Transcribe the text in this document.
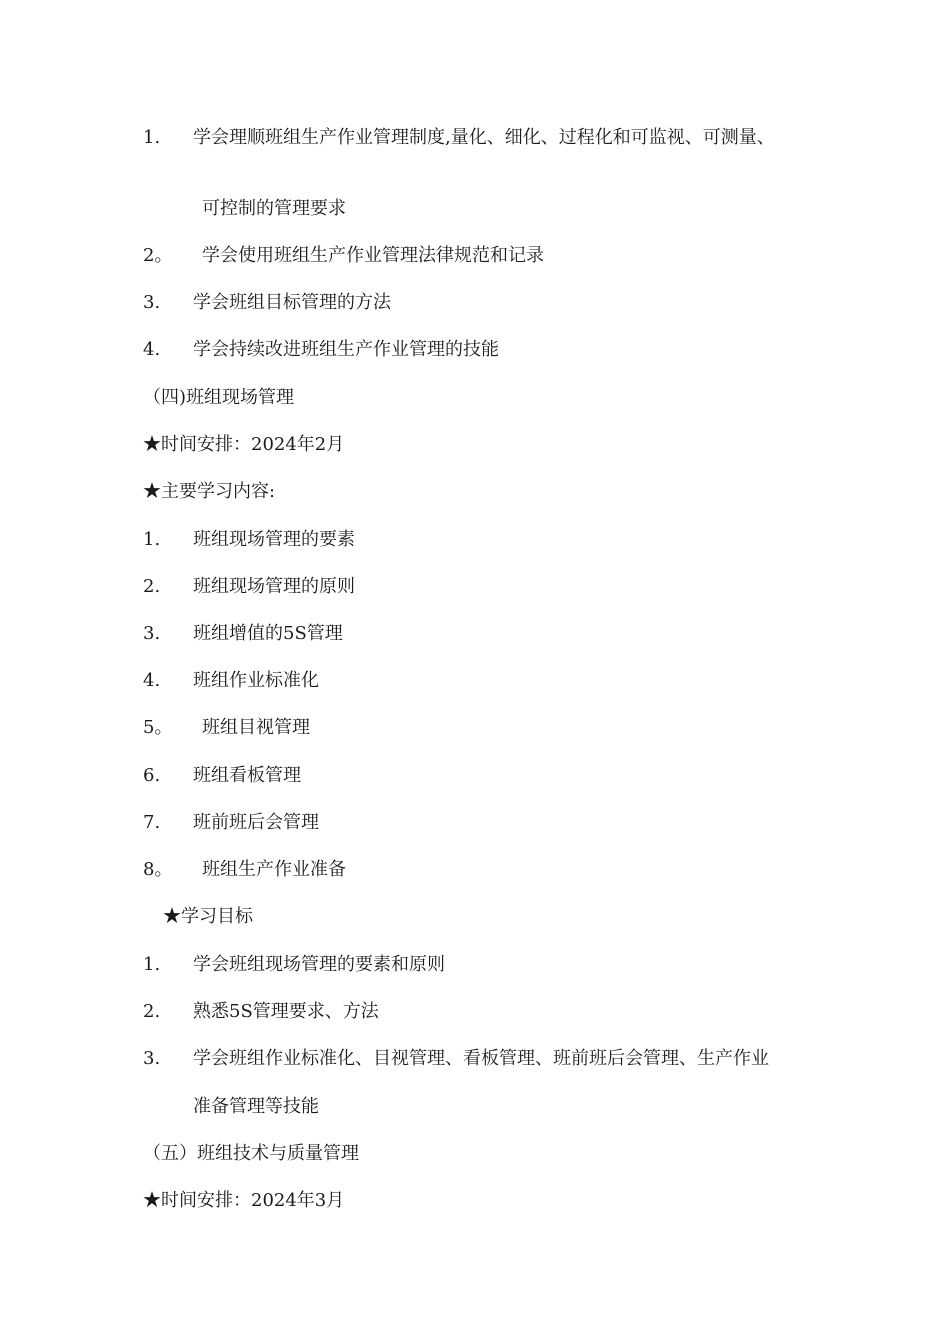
1. 学会理顺班组生产作业管理制度,量化、细化、过程化和可监视、可测量、
可控制的管理要求
2。 学会使用班组生产作业管理法律规范和记录
3. 学会班组目标管理的方法
4. 学会持续改进班组生产作业管理的技能
（四)班组现场管理
★时间安排：2024年2月
★主要学习内容:
1. 班组现场管理的要素
2. 班组现场管理的原则
3. 班组增值的5S管理
4. 班组作业标准化
5。 班组目视管理
6. 班组看板管理
7. 班前班后会管理
8。 班组生产作业准备
★学习目标
1. 学会班组现场管理的要素和原则
2. 熟悉5S管理要求、方法
3. 学会班组作业标准化、目视管理、看板管理、班前班后会管理、生产作业
准备管理等技能
（五）班组技术与质量管理
★时间安排：2024年3月
